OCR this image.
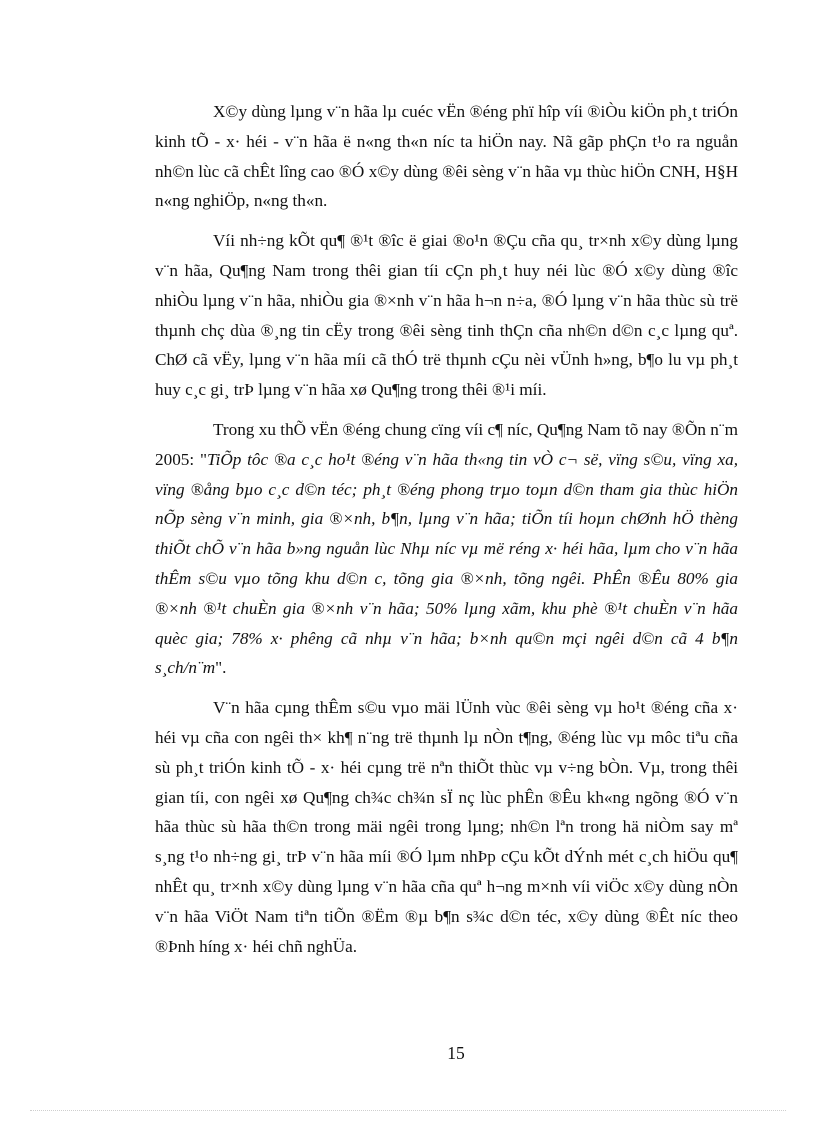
X©y dùng lµng v¨n hãa lµ cuéc vËn ®éng phï hîp víi ®iÒu kiÖn ph¸t triÓn kinh tÕ - x· héi - v¨n hãa ë n«ng th«n níc ta hiÖn nay. Nã gãp phÇn t¹o ra nguån nh©n lùc cã chÊt lîng cao ®Ó x©y dùng ®êi sèng v¨n hãa vµ thùc hiÖn CNH, H§H n«ng nghiÖp, n«ng th«n.

Víi nh÷ng kÕt qu¶ ®¹t ®îc ë giai ®o¹n ®Çu cña qu¸ tr×nh x©y dùng lµng v¨n hãa, Qu¶ng Nam trong thêi gian tíi cÇn ph¸t huy néi lùc ®Ó x©y dùng ®îc nhiÒu lµng v¨n hãa, nhiÒu gia ®×nh v¨n hãa h¬n n÷a, ®Ó lµng v¨n hãa thùc sù trë thµnh chç dùa ®¸ng tin cËy trong ®êi sèng tinh thÇn cña nh©n d©n c¸c lµng quª. ChØ cã vËy, lµng v¨n hãa míi cã thÓ trë thµnh cÇu nèi vÜnh h»ng, b¶o lu vµ ph¸t huy c¸c gi¸ trÞ lµng v¨n hãa xø Qu¶ng trong thêi ®¹i míi.

Trong xu thÕ vËn ®éng chung cïng víi c¶ níc, Qu¶ng Nam tõ nay ®Õn n¨m 2005: "TiÕp tôc ®a c¸c ho¹t ®éng v¨n hãa th«ng tin vÒ c¬ së, vïng s©u, vïng xa, vïng ®ång bµo c¸c d©n téc; ph¸t ®éng phong trµo toµn d©n tham gia thùc hiÖn nÕp sèng v¨n minh, gia ®×nh, b¶n, lµng v¨n hãa; tiÕn tíi hoµn chØnh hÖ thèng thiÕt chÕ v¨n hãa b»ng nguån lùc Nhµ níc vµ më réng x· héi hãa, lµm cho v¨n hãa thÊm s©u vµo tõng khu d©n c, tõng gia ®×nh, tõng ngêi. PhÊn ®Êu 80% gia ®×nh ®¹t chuÈn gia ®×nh v¨n hãa; 50% lµng xãm, khu phè ®¹t chuÈn v¨n hãa quèc gia; 78% x· phêng cã nhµ v¨n hãa; b×nh qu©n mçi ngêi d©n cã 4 b¶n s¸ch/n¨m".

V¨n hãa cµng thÊm s©u vµo mäi lÜnh vùc ®êi sèng vµ ho¹t ®éng cña x· héi vµ cña con ngêi th× kh¶ n¨ng trë thµnh lµ nÒn t¶ng, ®éng lùc vµ môc tiªu cña sù ph¸t triÓn kinh tÕ - x· héi cµng trë nªn thiÕt thùc vµ v÷ng bÒn. Vµ, trong thêi gian tíi, con ngêi xø Qu¶ng ch¾c ch¾n sÏ nç lùc phÊn ®Êu kh«ng ngõng ®Ó v¨n hãa thùc sù hãa th©n trong mäi ngêi trong lµng; nh©n lªn trong hä niÒm say mª s¸ng t¹o nh÷ng gi¸ trÞ v¨n hãa míi ®Ó lµm nhÞp cÇu kÕt dÝnh mét c¸ch hiÖu qu¶ nhÊt qu¸ tr×nh x©y dùng lµng v¨n hãa cña quª h¬ng m×nh víi viÖc x©y dùng nÒn v¨n hãa ViÖt Nam tiªn tiÕn ®Ëm ®µ b¶n s¾c d©n téc, x©y dùng ®Êt níc theo ®Þnh híng x· héi chñ nghÜa.

15
